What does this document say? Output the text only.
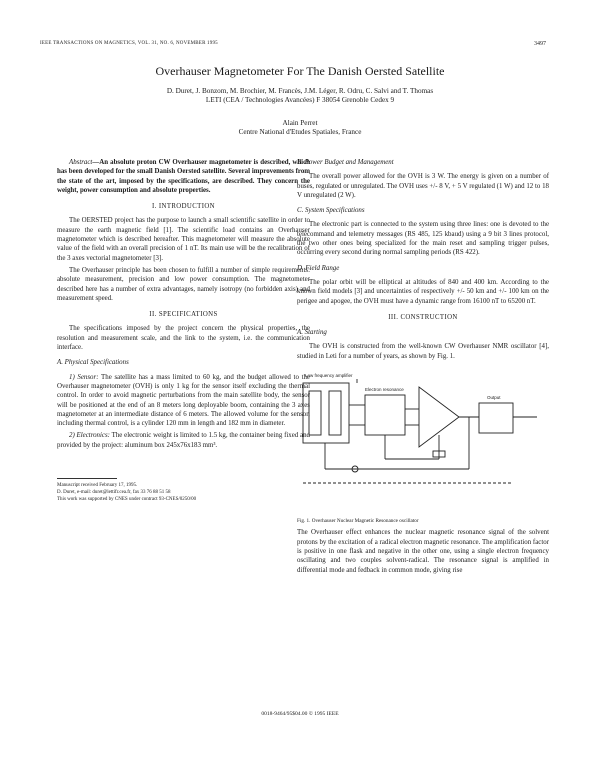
IEEE TRANSACTIONS ON MAGNETICS, VOL. 31, NO. 6, NOVEMBER 1995	3497
Overhauser Magnetometer For The Danish Oersted Satellite
D. Duret, J. Bonzom, M. Brochier, M. Francès, J.M. Léger, R. Odru, C. Salvi and T. Thomas
LETI (CEA / Technologies Avancées) F 38054 Grenoble Cedex 9
Alain Perret
Centre National d'Etudes Spatiales, France

Abstract—An absolute proton CW Overhauser magnetometer is described, which has been developed for the small Danish Oersted satellite. Several improvements from the state of the art, imposed by the specifications, are described. They concern the weight, power consumption and absolute properties.

I. INTRODUCTION

The OERSTED project has the purpose to launch a small scientific satellite in order to measure the earth magnetic field [1]. The scientific load contains an Overhauser magnetometer which is described hereafter. This magnetometer will measure the absolute value of the field with an overall precision of 1 nT. Its main use will be the recalibration of the 3 axes vectorial magnetometer [3].

The Overhauser principle has been chosen to fulfill a number of simple requirements: absolute measurement, precision and low power consumption. The magnetometer described here has a number of extra advantages, namely isotropy (no forbidden axis) and measurement speed.

II. SPECIFICATIONS

The specifications imposed by the project concern the physical properties, the resolution and measurement scale, and the link to the system, i.e. the communication interface.

A. Physical Specifications

1) Sensor: The satellite has a mass limited to 60 kg, and the budget allowed to the Overhauser magnetometer (OVH) is only 1 kg for the sensor itself excluding the thermal control. In order to avoid magnetic perturbations from the main satellite body, the sensor will be positioned at the end of an 8 meters long deployable boom, containing the 3 axes magnetometer at an intermediate distance of 6 meters. The allowed volume for the sensor, including thermal control, is a cylinder 120 mm in length and 182 mm in diameter.

2) Electronics: The electronic weight is limited to 1.5 kg, the container being fixed and provided by the project: aluminum box 245x76x183 mm³.

Manuscript received February 17, 1995.

D. Duret, e-mail: duret@lettifr.cea.fr, fax 33 76 88 51 58

This work was supported by CNES under contract 93-CNES/0250/00

B. Power Budget and Management

The overall power allowed for the OVH is 3 W. The energy is given on a number of buses, regulated or unregulated. The OVH uses +/- 8 V, + 5 V regulated (1 W) and 12 to 18 V unregulated (2 W).

C. System Specifications

The electronic part is connected to the system using three lines: one is devoted to the telecommand and telemetry messages (RS 485, 125 kbaud) using a 9 bit 3 lines protocol, the two other ones being specialized for the main reset and sampling trigger pulses, occurring every second during normal sampling periods (RS 422).

D. Field Range

The polar orbit will be elliptical at altitudes of 840 and 400 km. According to the known field models [3] and uncertainties of respectively +/- 50 km and +/- 100 km on the perigee and apogee, the OVH must have a dynamic range from 16100 nT to 65200 nT.

III. CONSTRUCTION
A. Starting

The OVH is constructed from the well-known CW Overhauser NMR oscillator [4], studied in Leti for a number of years, as shown by Fig. 1.

Low frequency amplifier
Electron resonance
Output

Fig. 1. Overhauser Nuclear Magnetic Resonance oscillator

The Overhauser effect enhances the nuclear magnetic resonance signal of the solvent protons by the excitation of a radical electron magnetic resonance. The amplification factor is positive in one flask and negative in the other one, using a single electron frequency oscillating and two couples solvent-radical. The resonance signal is amplified in differential mode and fedback in common mode, giving rise

0018-9464/95$04.00 © 1995 IEEE
